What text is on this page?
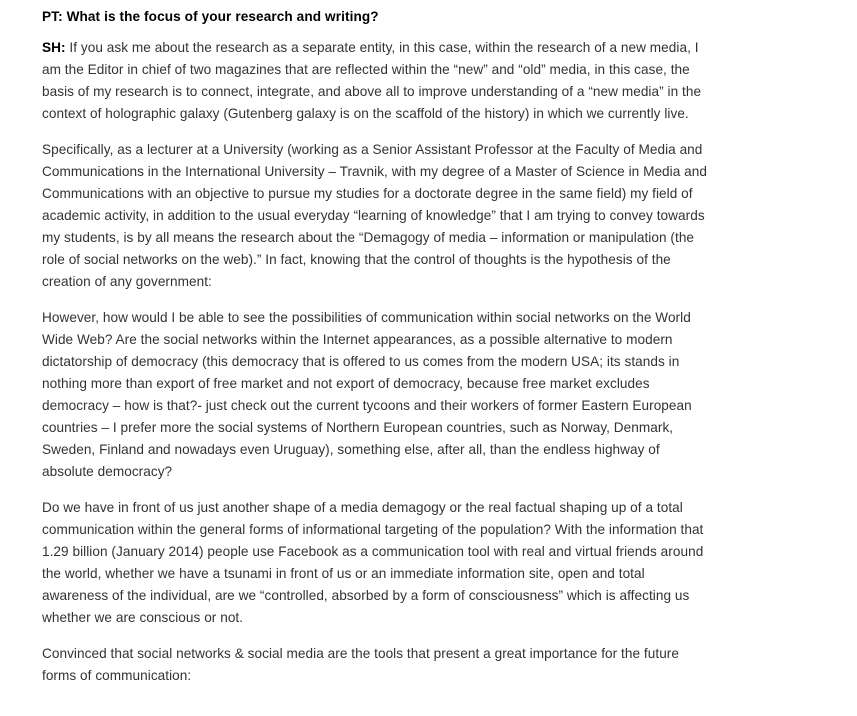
PT: What is the focus of your research and writing?

SH: If you ask me about the research as a separate entity, in this case, within the research of a new media, I am the Editor in chief of two magazines that are reflected within the “new” and “old” media, in this case, the basis of my research is to connect, integrate, and above all to improve understanding of a “new media” in the context of holographic galaxy (Gutenberg galaxy is on the scaffold of the history) in which we currently live.

Specifically, as a lecturer at a University (working as a Senior Assistant Professor at the Faculty of Media and Communications in the International University – Travnik, with my degree of a Master of Science in Media and Communications with an objective to pursue my studies for a doctorate degree in the same field) my field of academic activity, in addition to the usual everyday “learning of knowledge” that I am trying to convey towards my students, is by all means the research about the “Demagogy of media – information or manipulation (the role of social networks on the web).” In fact, knowing that the control of thoughts is the hypothesis of the creation of any government:

However, how would I be able to see the possibilities of communication within social networks on the World Wide Web? Are the social networks within the Internet appearances, as a possible alternative to modern dictatorship of democracy (this democracy that is offered to us comes from the modern USA; its stands in nothing more than export of free market and not export of democracy, because free market excludes democracy – how is that?- just check out the current tycoons and their workers of former Eastern European countries – I prefer more the social systems of Northern European countries, such as Norway, Denmark, Sweden, Finland and nowadays even Uruguay), something else, after all, than the endless highway of absolute democracy?

Do we have in front of us just another shape of a media demagogy or the real factual shaping up of a total communication within the general forms of informational targeting of the population? With the information that 1.29 billion (January 2014) people use Facebook as a communication tool with real and virtual friends around the world, whether we have a tsunami in front of us or an immediate information site, open and total awareness of the individual, are we “controlled, absorbed by a form of consciousness” which is affecting us whether we are conscious or not.

Convinced that social networks & social media are the tools that present a great importance for the future forms of communication:
